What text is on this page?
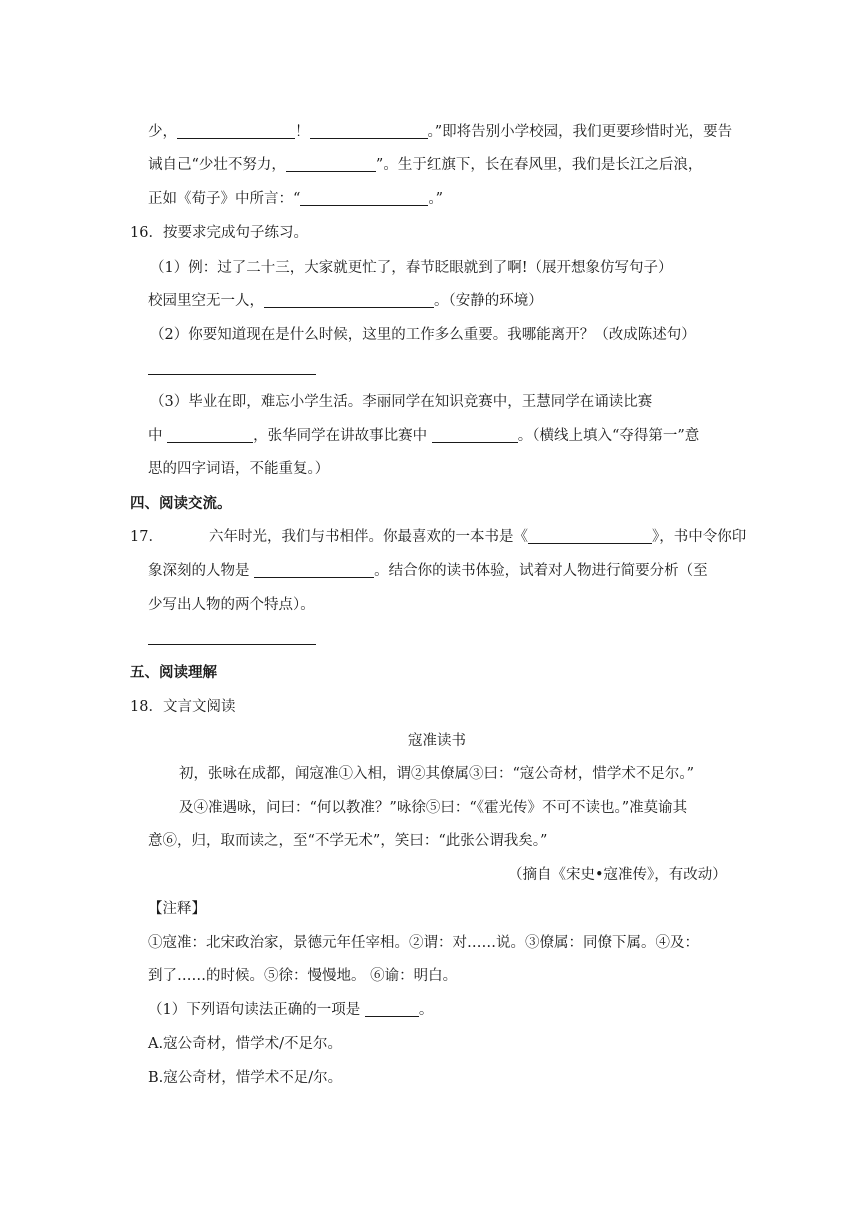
少，	！	。”即将告别小学校园，我们更要珍惜时光，要告
诫自己“少壮不努力，	”。生于红旗下，长在春风里，我们是长江之后浪，
正如《荀子》中所言：“	。”
16．按要求完成句子练习。
（1）例：过了二十三，大家就更忙了，春节眨眼就到了啊!（展开想象仿写句子）
校园里空无一人，	。（安静的环境）
（2）你要知道现在是什么时候，这里的工作多么重要。我哪能离开？（改成陈述句）
（3）毕业在即，难忘小学生活。李丽同学在知识竞赛中，王慧同学在诵读比赛
中	，张华同学在讲故事比赛中	。（横线上填入“夺得第一”意
思的四字词语，不能重复。）
四、阅读交流。
17．	六年时光，我们与书相伴。你最喜欢的一本书是《	》，书中令你印
象深刻的人物是	。结合你的读书体验，试着对人物进行简要分析（至
少写出人物的两个特点）。
五、阅读理解
18．文言文阅读
寇准读书
初，张咏在成都，闻寇准①入相，谓②其僚属③曰：“寇公奇材，惜学术不足尔。”
及④准遇咏，问曰：“何以教准？”咏徐⑤曰：“《霍光传》不可不读也。”准莫谕其
意⑥，归，取而读之，至“不学无术”，笑曰：“此张公谓我矣。”
（摘自《宋史•寇准传》，有改动）
【注释】
①寇准：北宋政治家，景德元年任宰相。②谓：对……说。③僚属：同僚下属。④及：
到了……的时候。⑤徐：慢慢地。 ⑥谕：明白。
（1）下列语句读法正确的一项是	。
A.寇公奇材，惜学术/不足尔。
B.寇公奇材，惜学术不足/尔。
